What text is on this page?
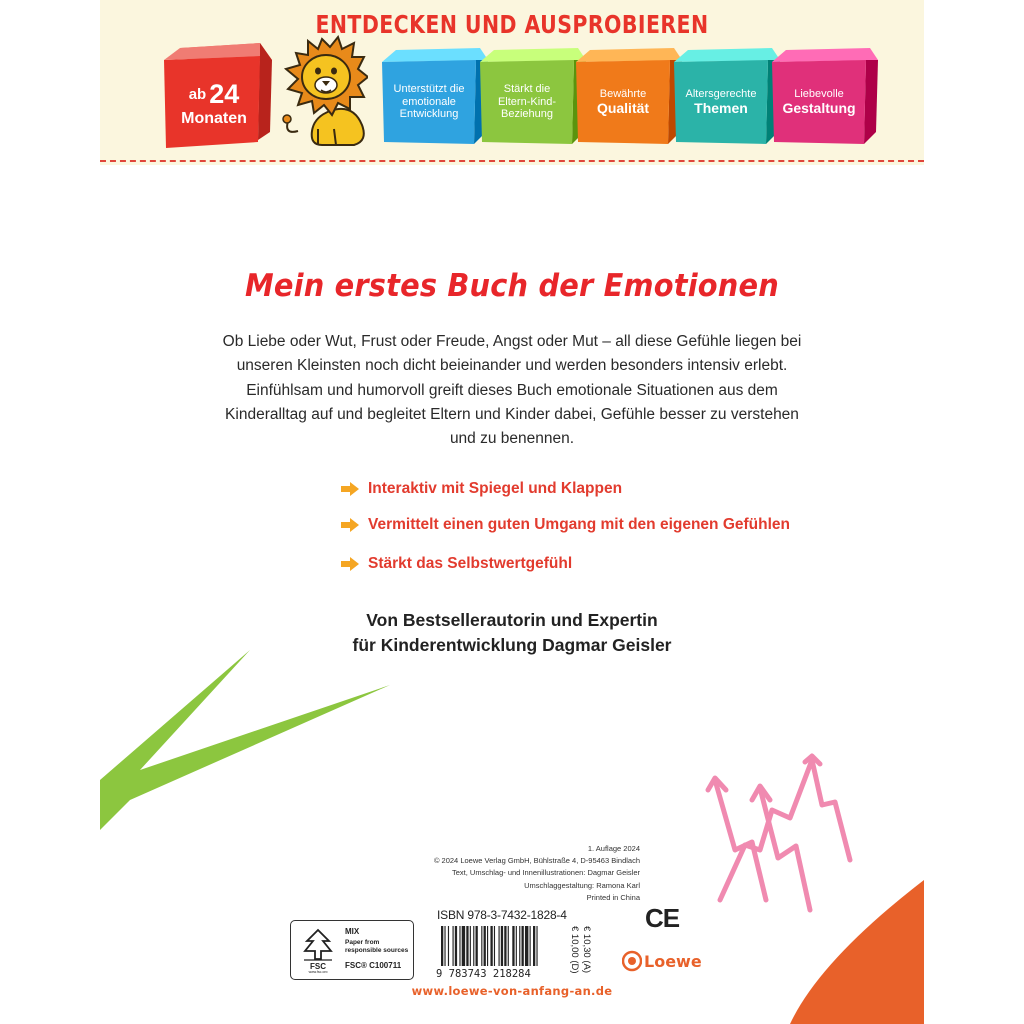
ENTDECKEN UND AUSPROBIEREN
ab 24
Monaten
Unterstützt die
emotionale
Entwicklung
Stärkt die
Eltern-Kind-
Beziehung
Bewährte
Qualität
Altersgerechte
Themen
Liebevolle
Gestaltung
Mein erstes Buch der Emotionen
Ob Liebe oder Wut, Frust oder Freude, Angst oder Mut – all diese Gefühle liegen bei unseren Kleinsten noch dicht beieinander und werden besonders intensiv erlebt. Einfühlsam und humorvoll greift dieses Buch emotionale Situationen aus dem Kinderalltag auf und begleitet Eltern und Kinder dabei, Gefühle besser zu verstehen und zu benennen.
Interaktiv mit Spiegel und Klappen
Vermittelt einen guten Umgang mit den eigenen Gefühlen
Stärkt das Selbstwertgefühl
Von Bestsellerautorin und Expertin
für Kinderentwicklung Dagmar Geisler
1. Auflage 2024
© 2024 Loewe Verlag GmbH, Bühlstraße 4, D-95463 Bindlach
Text, Umschlag- und Innenillustrationen: Dagmar Geisler
Umschlaggestaltung: Ramona Karl
Printed in China
FSC
www.fsc.org
MIX
Paper from
responsible sources
FSC® C100711
ISBN 978-3-7432-1828-4
9 783743 218284
€ 10,00 (D) € 10,30 (A)
CE
Loewe
www.loewe-von-anfang-an.de
